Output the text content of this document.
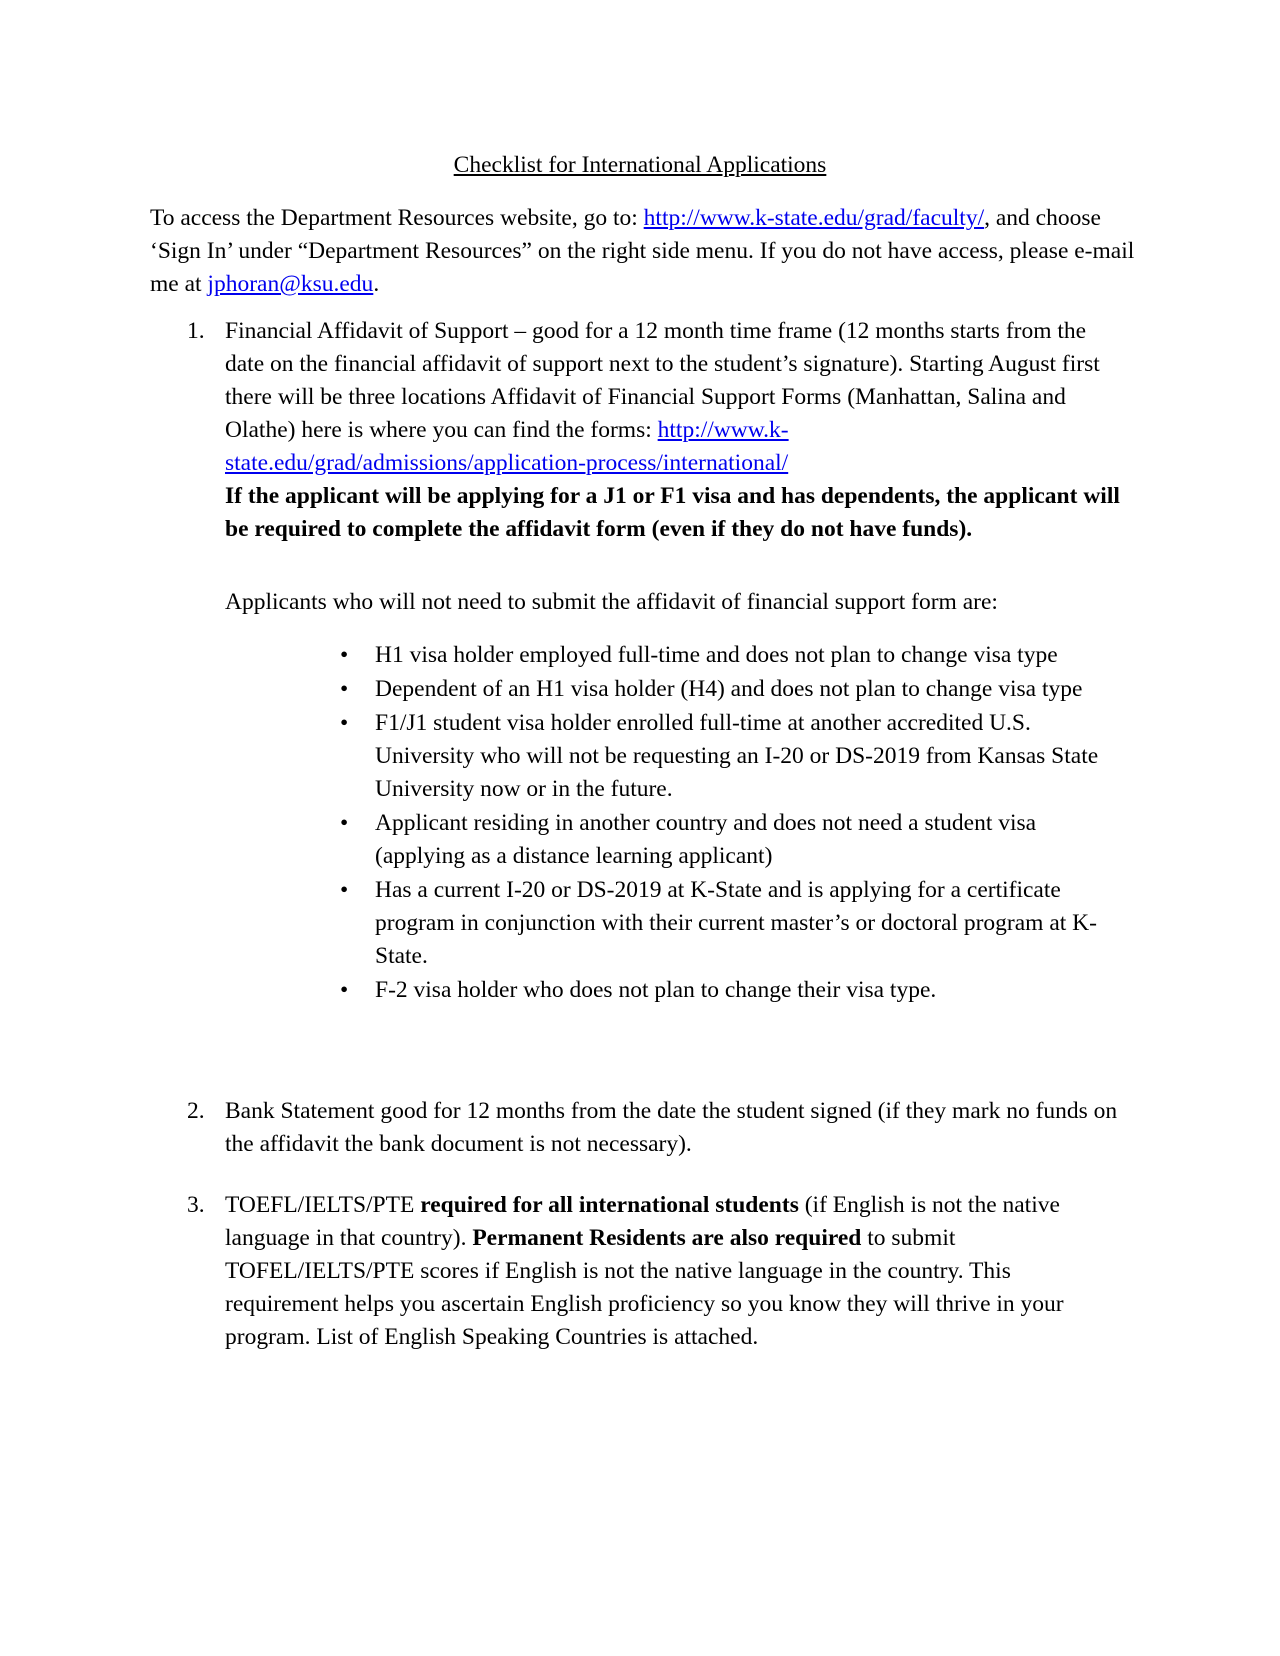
Checklist for International Applications

To access the Department Resources website, go to: http://www.k-state.edu/grad/faculty/, and choose ‘Sign In’ under “Department Resources” on the right side menu. If you do not have access, please e-mail me at jphoran@ksu.edu.

1. Financial Affidavit of Support – good for a 12 month time frame (12 months starts from the date on the financial affidavit of support next to the student’s signature). Starting August first there will be three locations Affidavit of Financial Support Forms (Manhattan, Salina and Olathe) here is where you can find the forms: http://www.k-state.edu/grad/admissions/application-process/international/

If the applicant will be applying for a J1 or F1 visa and has dependents, the applicant will be required to complete the affidavit form (even if they do not have funds).

Applicants who will not need to submit the affidavit of financial support form are:

• H1 visa holder employed full-time and does not plan to change visa type
• Dependent of an H1 visa holder (H4) and does not plan to change visa type
• F1/J1 student visa holder enrolled full-time at another accredited U.S. University who will not be requesting an I-20 or DS-2019 from Kansas State University now or in the future.
• Applicant residing in another country and does not need a student visa (applying as a distance learning applicant)
• Has a current I-20 or DS-2019 at K-State and is applying for a certificate program in conjunction with their current master’s or doctoral program at K-State.
• F-2 visa holder who does not plan to change their visa type.
2. Bank Statement good for 12 months from the date the student signed (if they mark no funds on the affidavit the bank document is not necessary).

3. TOEFL/IELTS/PTE required for all international students (if English is not the native language in that country). Permanent Residents are also required to submit TOFEL/IELTS/PTE scores if English is not the native language in the country. This requirement helps you ascertain English proficiency so you know they will thrive in your program. List of English Speaking Countries is attached.
